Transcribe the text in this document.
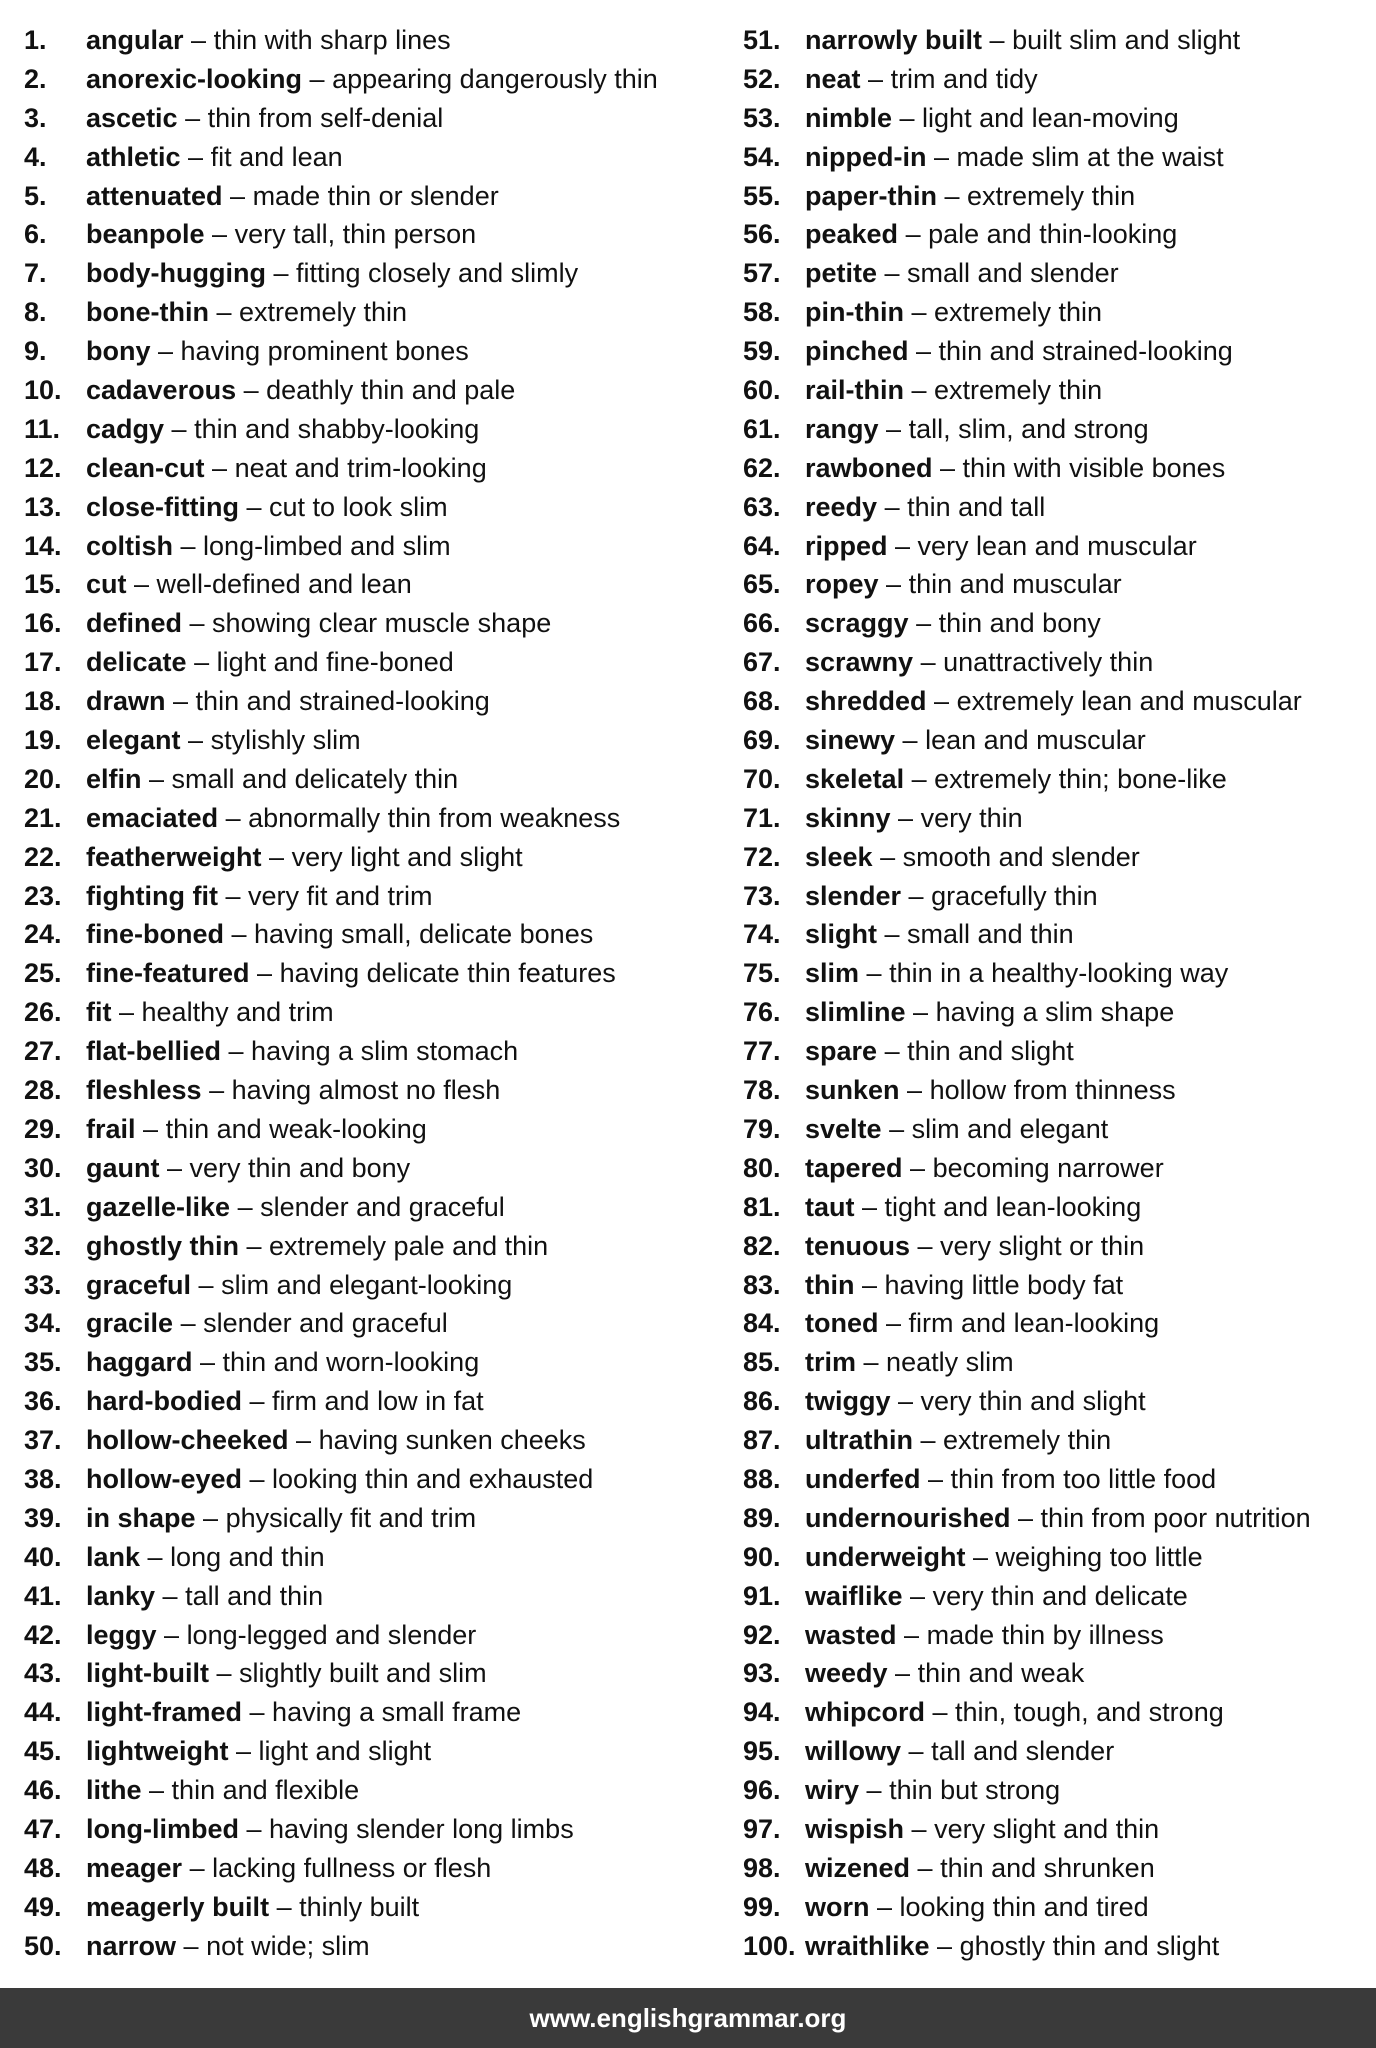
1. angular – thin with sharp lines
2. anorexic-looking – appearing dangerously thin
3. ascetic – thin from self-denial
4. athletic – fit and lean
5. attenuated – made thin or slender
6. beanpole – very tall, thin person
7. body-hugging – fitting closely and slimly
8. bone-thin – extremely thin
9. bony – having prominent bones
10. cadaverous – deathly thin and pale
11. cadgy – thin and shabby-looking
12. clean-cut – neat and trim-looking
13. close-fitting – cut to look slim
14. coltish – long-limbed and slim
15. cut – well-defined and lean
16. defined – showing clear muscle shape
17. delicate – light and fine-boned
18. drawn – thin and strained-looking
19. elegant – stylishly slim
20. elfin – small and delicately thin
21. emaciated – abnormally thin from weakness
22. featherweight – very light and slight
23. fighting fit – very fit and trim
24. fine-boned – having small, delicate bones
25. fine-featured – having delicate thin features
26. fit – healthy and trim
27. flat-bellied – having a slim stomach
28. fleshless – having almost no flesh
29. frail – thin and weak-looking
30. gaunt – very thin and bony
31. gazelle-like – slender and graceful
32. ghostly thin – extremely pale and thin
33. graceful – slim and elegant-looking
34. gracile – slender and graceful
35. haggard – thin and worn-looking
36. hard-bodied – firm and low in fat
37. hollow-cheeked – having sunken cheeks
38. hollow-eyed – looking thin and exhausted
39. in shape – physically fit and trim
40. lank – long and thin
41. lanky – tall and thin
42. leggy – long-legged and slender
43. light-built – slightly built and slim
44. light-framed – having a small frame
45. lightweight – light and slight
46. lithe – thin and flexible
47. long-limbed – having slender long limbs
48. meager – lacking fullness or flesh
49. meagerly built – thinly built
50. narrow – not wide; slim
51. narrowly built – built slim and slight
52. neat – trim and tidy
53. nimble – light and lean-moving
54. nipped-in – made slim at the waist
55. paper-thin – extremely thin
56. peaked – pale and thin-looking
57. petite – small and slender
58. pin-thin – extremely thin
59. pinched – thin and strained-looking
60. rail-thin – extremely thin
61. rangy – tall, slim, and strong
62. rawboned – thin with visible bones
63. reedy – thin and tall
64. ripped – very lean and muscular
65. ropey – thin and muscular
66. scraggy – thin and bony
67. scrawny – unattractively thin
68. shredded – extremely lean and muscular
69. sinewy – lean and muscular
70. skeletal – extremely thin; bone-like
71. skinny – very thin
72. sleek – smooth and slender
73. slender – gracefully thin
74. slight – small and thin
75. slim – thin in a healthy-looking way
76. slimline – having a slim shape
77. spare – thin and slight
78. sunken – hollow from thinness
79. svelte – slim and elegant
80. tapered – becoming narrower
81. taut – tight and lean-looking
82. tenuous – very slight or thin
83. thin – having little body fat
84. toned – firm and lean-looking
85. trim – neatly slim
86. twiggy – very thin and slight
87. ultrathin – extremely thin
88. underfed – thin from too little food
89. undernourished – thin from poor nutrition
90. underweight – weighing too little
91. waiflike – very thin and delicate
92. wasted – made thin by illness
93. weedy – thin and weak
94. whipcord – thin, tough, and strong
95. willowy – tall and slender
96. wiry – thin but strong
97. wispish – very slight and thin
98. wizened – thin and shrunken
99. worn – looking thin and tired
100. wraithlike – ghostly thin and slight
www.englishgrammar.org
